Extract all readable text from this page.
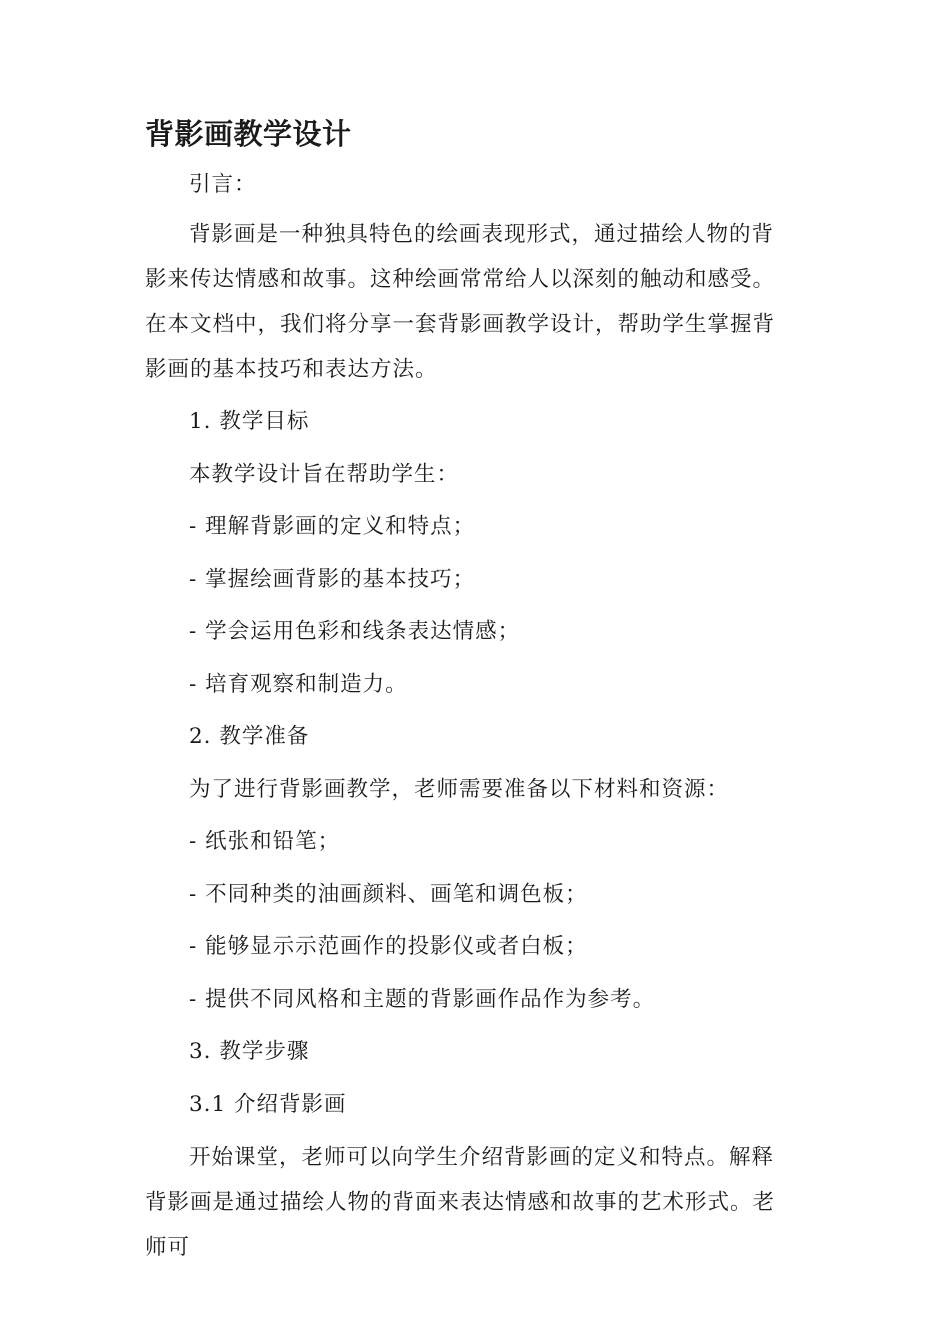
背影画教学设计
引言：
背影画是一种独具特色的绘画表现形式，通过描绘人物的背影来传达情感和故事。这种绘画常常给人以深刻的触动和感受。在本文档中，我们将分享一套背影画教学设计，帮助学生掌握背影画的基本技巧和表达方法。
1. 教学目标
本教学设计旨在帮助学生：
- 理解背影画的定义和特点；
- 掌握绘画背影的基本技巧；
- 学会运用色彩和线条表达情感；
- 培育观察和制造力。
2. 教学准备
为了进行背影画教学，老师需要准备以下材料和资源：
- 纸张和铅笔；
- 不同种类的油画颜料、画笔和调色板；
- 能够显示示范画作的投影仪或者白板；
- 提供不同风格和主题的背影画作品作为参考。
3. 教学步骤
3.1 介绍背影画
开始课堂，老师可以向学生介绍背影画的定义和特点。解释背影画是通过描绘人物的背面来表达情感和故事的艺术形式。老师可
